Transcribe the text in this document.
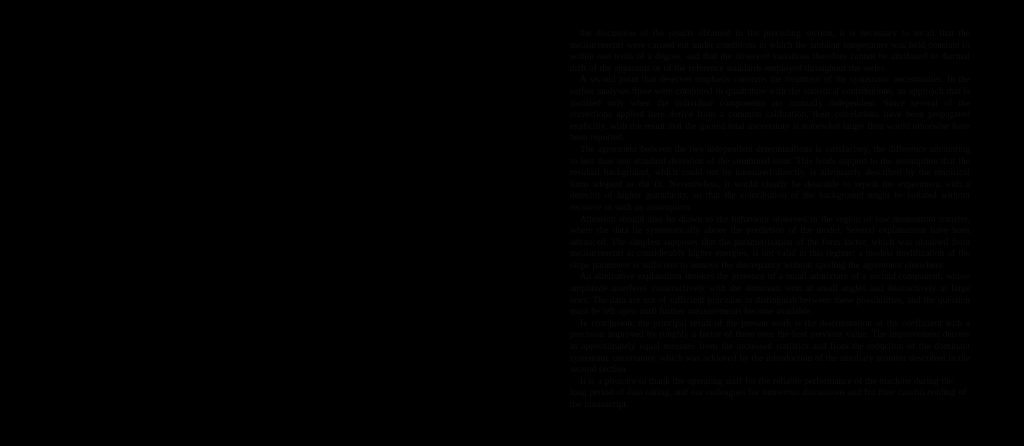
the discussion of the results obtained in the preceding section, it is necessary to recall that the measurements were carried out under conditions in which the ambient temperature was held constant to within one tenth of a degree, and that the observed variations therefore cannot be attributed to thermal drift of the apparatus or of the reference standards employed throughout the series.

A second point that deserves emphasis concerns the treatment of the systematic uncertainties. In the earlier analyses these were combined in quadrature with the statistical contributions, an approach that is justified only when the individual components are mutually independent. Since several of the corrections applied here derive from a common calibration, their correlations have been propagated explicitly, with the result that the quoted total uncertainty is somewhat larger than would otherwise have been reported.

The agreement between the two independent determinations is satisfactory, the difference amounting to less than one standard deviation of the combined error. This lends support to the assumption that the residual background, which could not be measured directly, is adequately described by the empirical form adopted in the fit. Nevertheless, it would clearly be desirable to repeat the experiment with a detector of higher granularity, so that the contribution of the background might be isolated without recourse to such an assumption.

Attention should also be drawn to the behaviour observed in the region of low momentum transfer, where the data lie systematically above the prediction of the model. Several explanations have been advanced. The simplest supposes that the parametrisation of the form factor, which was obtained from measurements at considerably higher energies, is not valid in this regime; a modest modification of the slope parameter is sufficient to remove the discrepancy without spoiling the agreement elsewhere.

An alternative explanation invokes the presence of a small admixture of a second component, whose amplitude interferes constructively with the dominant term at small angles and destructively at large ones. The data are not of sufficient precision to distinguish between these possibilities, and the question must be left open until further measurements become available.

In conclusion, the principal result of the present work is the determination of the coefficient with a precision improved by roughly a factor of three over the best previous value. The improvement derives in approximately equal measure from the increased statistics and from the reduction of the dominant systematic uncertainty, which was achieved by the introduction of the auxiliary monitor described in the second section.

It is a pleasure to thank the operating staff for the reliable performance of the machine during the long period of data taking, and our colleagues for numerous discussions and for their careful reading of the manuscript.
